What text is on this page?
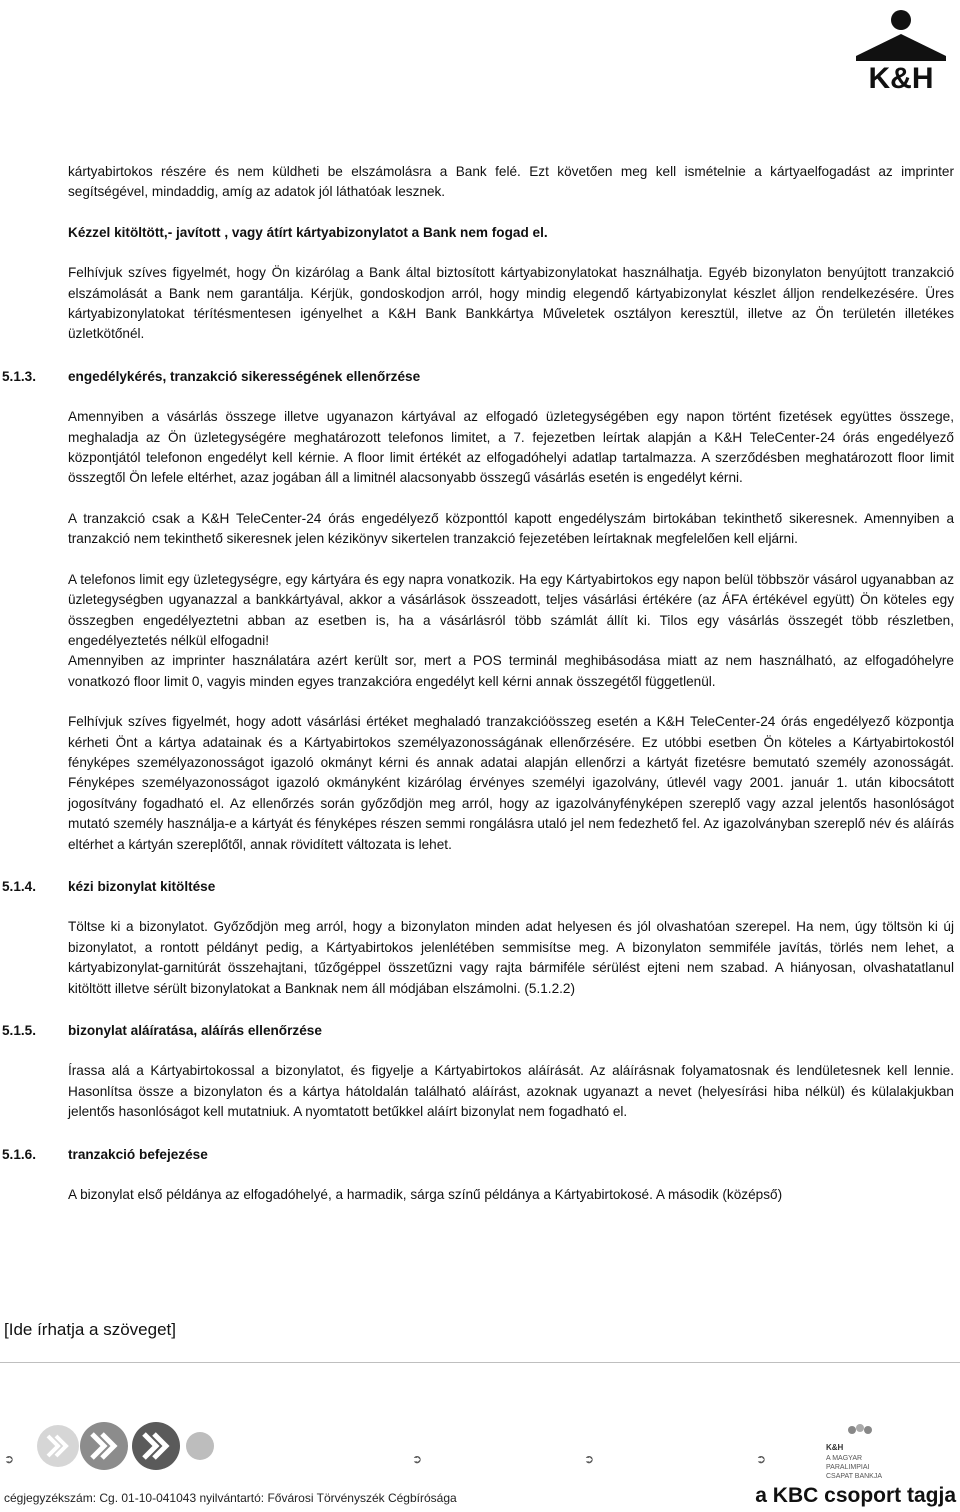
K&H

kártyabirtokos részére és nem küldheti be elszámolásra a Bank felé. Ezt követően meg kell ismételnie a kártyaelfogadást az imprinter segítségével, mindaddig, amíg az adatok jól láthatóak lesznek.

Kézzel kitöltött,- javított , vagy átírt kártyabizonylatot a Bank nem fogad el.

Felhívjuk szíves figyelmét, hogy Ön kizárólag a Bank által biztosított kártyabizonylatokat használhatja. Egyéb bizonylaton benyújtott tranzakció elszámolását a Bank nem garantálja. Kérjük, gondoskodjon arról, hogy mindig elegendő kártyabizonylat készlet álljon rendelkezésére. Üres kártyabizonylatokat térítésmentesen igényelhet a K&H Bank Bankkártya Műveletek osztályon keresztül, illetve az Ön területén illetékes üzletkötőnél.

5.1.3. engedélykérés, tranzakció sikerességének ellenőrzése

Amennyiben a vásárlás összege illetve ugyanazon kártyával az elfogadó üzletegységében egy napon történt fizetések együttes összege, meghaladja az Ön üzletegységére meghatározott telefonos limitet, a 7. fejezetben leírtak alapján a K&H TeleCenter-24 órás engedélyező központjától telefonon engedélyt kell kérnie. A floor limit értékét az elfogadóhelyi adatlap tartalmazza. A szerződésben meghatározott floor limit összegtől Ön lefele eltérhet, azaz jogában áll a limitnél alacsonyabb összegű vásárlás esetén is engedélyt kérni.

A tranzakció csak a K&H TeleCenter-24 órás engedélyező központtól kapott engedélyszám birtokában tekinthető sikeresnek. Amennyiben a tranzakció nem tekinthető sikeresnek jelen kézikönyv sikertelen tranzakció fejezetében leírtaknak megfelelően kell eljárni.

A telefonos limit egy üzletegységre, egy kártyára és egy napra vonatkozik. Ha egy Kártyabirtokos egy napon belül többször vásárol ugyanabban az üzletegységben ugyanazzal a bankkártyával, akkor a vásárlások összeadott, teljes vásárlási értékére (az ÁFA értékével együtt) Ön köteles egy összegben engedélyeztetni abban az esetben is, ha a vásárlásról több számlát állít ki. Tilos egy vásárlás összegét több részletben, engedélyeztetés nélkül elfogadni!

Amennyiben az imprinter használatára azért került sor, mert a POS terminál meghibásodása miatt az nem használható, az elfogadóhelyre vonatkozó floor limit 0, vagyis minden egyes tranzakcióra engedélyt kell kérni annak összegétől függetlenül.

Felhívjuk szíves figyelmét, hogy adott vásárlási értéket meghaladó tranzakcióösszeg esetén a K&H TeleCenter-24 órás engedélyező központja kérheti Önt a kártya adatainak és a Kártyabirtokos személyazonosságának ellenőrzésére. Ez utóbbi esetben Ön köteles a Kártyabirtokostól fényképes személyazonosságot igazoló okmányt kérni és annak adatai alapján ellenőrzi a kártyát fizetésre bemutató személy azonosságát. Fényképes személyazonosságot igazoló okmányként kizárólag érvényes személyi igazolvány, útlevél vagy 2001. január 1. után kibocsátott jogosítvány fogadható el. Az ellenőrzés során győződjön meg arról, hogy az igazolványfényképen szereplő vagy azzal jelentős hasonlóságot mutató személy használja-e a kártyát és fényképes részen semmi rongálásra utaló jel nem fedezhető fel. Az igazolványban szereplő név és aláírás eltérhet a kártyán szereplőtől, annak rövidített változata is lehet.

5.1.4. kézi bizonylat kitöltése

Töltse ki a bizonylatot. Győződjön meg arról, hogy a bizonylaton minden adat helyesen és jól olvashatóan szerepel. Ha nem, úgy töltsön ki új bizonylatot, a rontott példányt pedig, a Kártyabirtokos jelenlétében semmisítse meg. A bizonylaton semmiféle javítás, törlés nem lehet, a kártyabizonylat-garnitúrát összehajtani, tűzőgéppel összetűzni vagy rajta bármiféle sérülést ejteni nem szabad. A hiányosan, olvashatatlanul kitöltött illetve sérült bizonylatokat a Banknak nem áll módjában elszámolni. (5.1.2.2)

5.1.5. bizonylat aláíratása, aláírás ellenőrzése

Írassa alá a Kártyabirtokossal a bizonylatot, és figyelje a Kártyabirtokos aláírását. Az aláírásnak folyamatosnak és lendületesnek kell lennie. Hasonlítsa össze a bizonylaton és a kártya hátoldalán található aláírást, azoknak ugyanazt a nevet (helyesírási hiba nélkül) és külalakjukban jelentős hasonlóságot kell mutatniuk. A nyomtatott betűkkel aláírt bizonylat nem fogadható el.

5.1.6. tranzakció befejezése

A bizonylat első példánya az elfogadóhelyé, a harmadik, sárga színű példánya a Kártyabirtokosé. A második (középső)

[Ide írhatja a szöveget]
➲	➲	➲	➲
K&H
A MAGYAR
PARALIMPIAI
CSAPAT BANKJA
cégjegyzékszám: Cg. 01-10-041043 nyilvántartó: Fővárosi Törvényszék Cégbírósága	a KBC csoport tagja
